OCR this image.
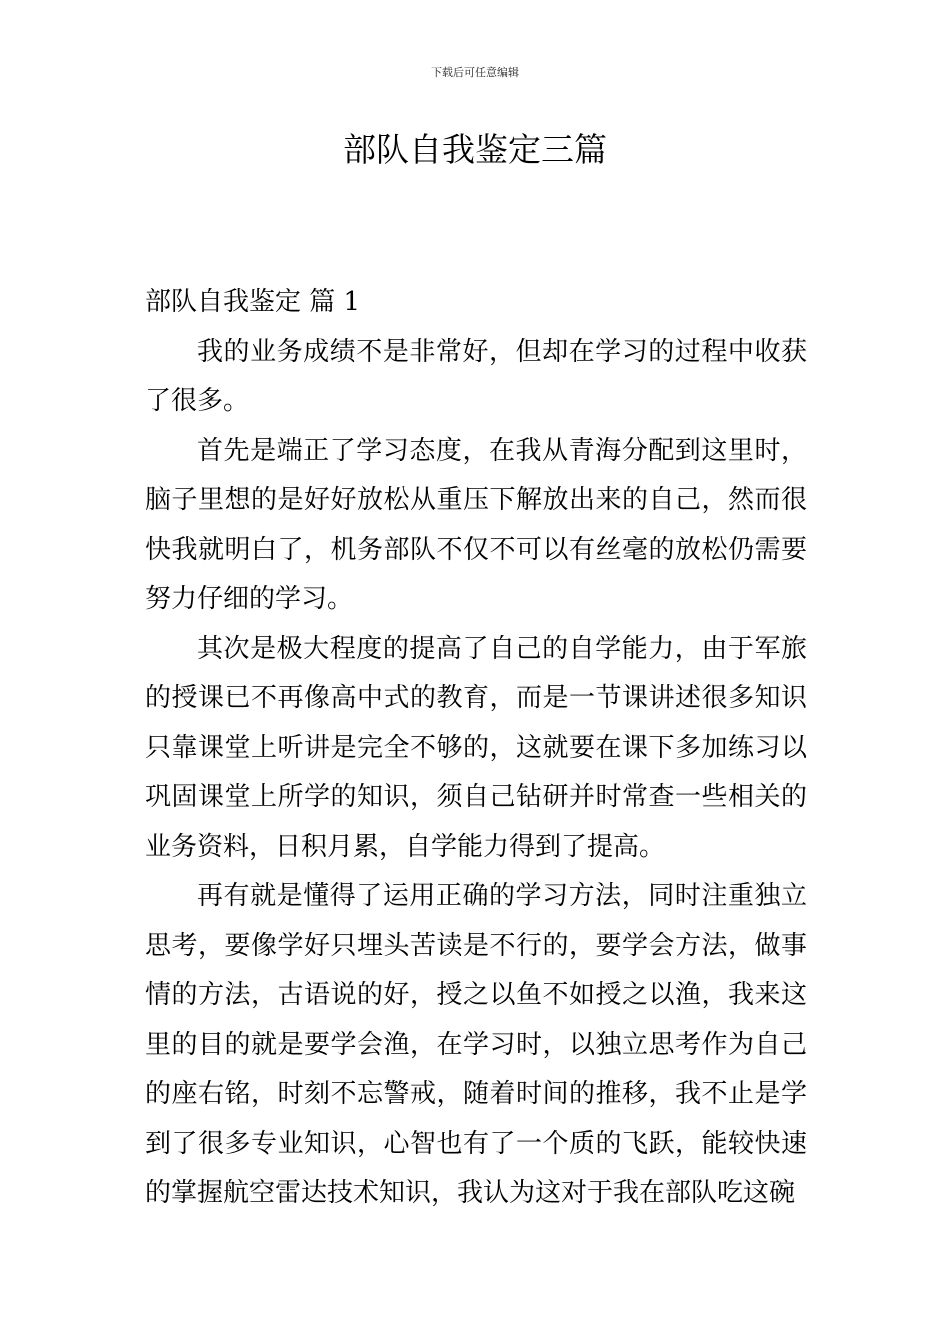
下载后可任意编辑
部队自我鉴定三篇
部队自我鉴定 篇 1

我的业务成绩不是非常好，但却在学习的过程中收获了很多。

首先是端正了学习态度，在我从青海分配到这里时，脑子里想的是好好放松从重压下解放出来的自己，然而很快我就明白了，机务部队不仅不可以有丝毫的放松仍需要努力仔细的学习。

其次是极大程度的提高了自己的自学能力，由于军旅的授课已不再像高中式的教育，而是一节课讲述很多知识只靠课堂上听讲是完全不够的，这就要在课下多加练习以巩固课堂上所学的知识，须自己钻研并时常查一些相关的业务资料，日积月累，自学能力得到了提高。

再有就是懂得了运用正确的学习方法，同时注重独立思考，要像学好只埋头苦读是不行的，要学会方法，做事情的方法，古语说的好，授之以鱼不如授之以渔，我来这里的目的就是要学会渔，在学习时，以独立思考作为自己的座右铭，时刻不忘警戒，随着时间的推移，我不止是学到了很多专业知识，心智也有了一个质的飞跃，能较快速的掌握航空雷达技术知识，我认为这对于我在部队吃这碗
